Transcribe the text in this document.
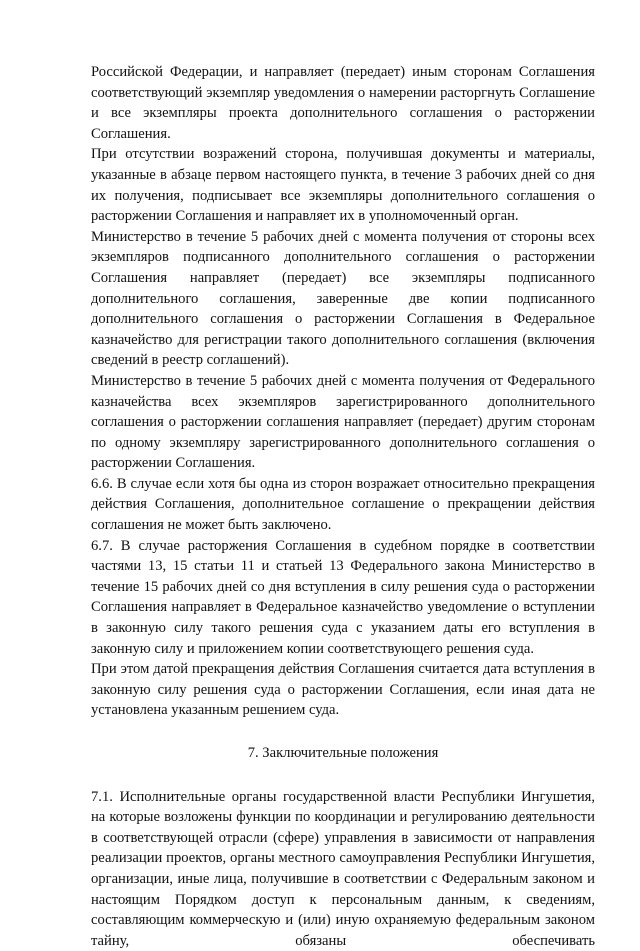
Российской Федерации, и направляет (передает) иным сторонам Соглашения соответствующий экземпляр уведомления о намерении расторгнуть Соглашение и все экземпляры проекта дополнительного соглашения о расторжении Соглашения.

При отсутствии возражений сторона, получившая документы и материалы, указанные в абзаце первом настоящего пункта, в течение 3 рабочих дней со дня их получения, подписывает все экземпляры дополнительного соглашения о расторжении Соглашения и направляет их в уполномоченный орган.

Министерство в течение 5 рабочих дней с момента получения от стороны всех экземпляров подписанного дополнительного соглашения о расторжении Соглашения направляет (передает) все экземпляры подписанного дополнительного соглашения, заверенные две копии подписанного дополнительного соглашения о расторжении Соглашения в Федеральное казначейство для регистрации такого дополнительного соглашения (включения сведений в реестр соглашений).

Министерство в течение 5 рабочих дней с момента получения от Федерального казначейства всех экземпляров зарегистрированного дополнительного соглашения о расторжении соглашения направляет (передает) другим сторонам по одному экземпляру зарегистрированного дополнительного соглашения о расторжении Соглашения.

6.6. В случае если хотя бы одна из сторон возражает относительно прекращения действия Соглашения, дополнительное соглашение о прекращении действия соглашения не может быть заключено.

6.7. В случае расторжения Соглашения в судебном порядке в соответствии частями 13, 15 статьи 11 и статьей 13 Федерального закона Министерство в течение 15 рабочих дней со дня вступления в силу решения суда о расторжении Соглашения направляет в Федеральное казначейство уведомление о вступлении в законную силу такого решения суда с указанием даты его вступления в законную силу и приложением копии соответствующего решения суда.

При этом датой прекращения действия Соглашения считается дата вступления в законную силу решения суда о расторжении Соглашения, если иная дата не установлена указанным решением суда.

7. Заключительные положения

7.1. Исполнительные органы государственной власти Республики Ингушетия, на которые возложены функции по координации и регулированию деятельности в соответствующей отрасли (сфере) управления в зависимости от направления реализации проектов, органы местного самоуправления Республики Ингушетия, организации, иные лица, получившие в соответствии с Федеральным законом и настоящим Порядком доступ к персональным данным, к сведениям, составляющим коммерческую и (или) иную охраняемую федеральным законом тайну, обязаны обеспечивать
